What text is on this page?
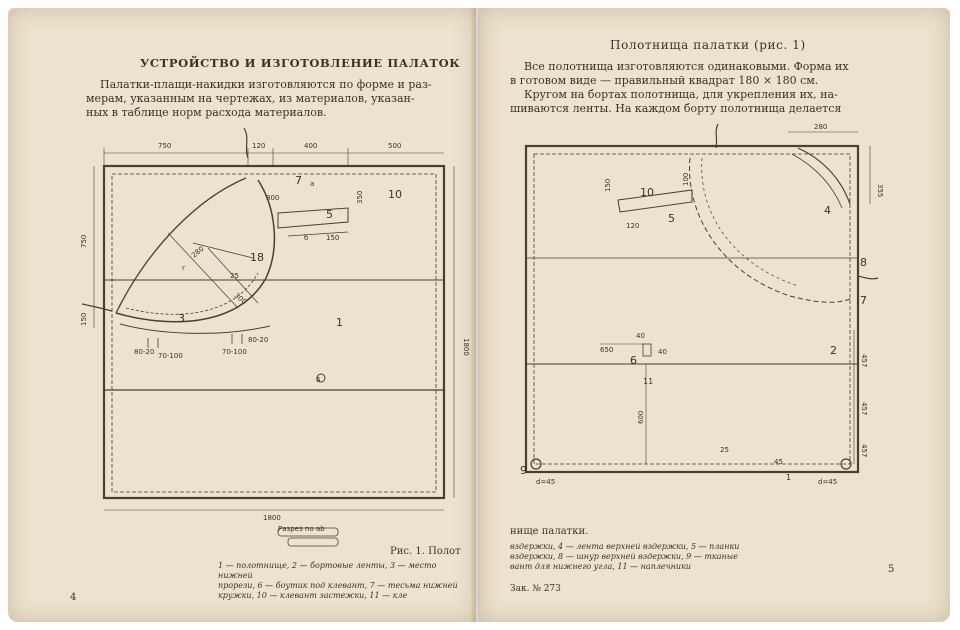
УСТРОЙСТВО И ИЗГОТОВЛЕНИЕ ПАЛАТОК
Палатки-плащи-накидки изготовляются по форме и раз-
мерам, указанным на чертежах, из материалов, указан-
ных в таблице норм расхода материалов.
750	120	400	500
750
150
1800
1800
800
a
150
350
б
280
г
25
300
80-20 70-100	70-100
80-20
Разрез по ab
7
10
5
18
3	1
6
Рис. 1. Полот
1 — полотнище, 2 — бортовые ленты, 3 — место нижней
прорези, 6 — боутик под клевант, 7 — тесьма нижней
кружки, 10 — клевант застежки, 11 — кле
4
Полотнища палатки (рис. 1)
Все полотнища изготовляются одинаковыми. Форма их
в готовом виде — правильный квадрат 180 × 180 см.
Кругом на бортах полотнища, для укрепления их, на-
шиваются ленты. На каждом борту полотнища делается
280
355
150	100
120
40
650	40
600
25
457
457
457
45
d=45	d=45
10
5
4
8
7
2
6
11
9
1
нище палатки.
вздержки, 4 — лента верхней вздержки, 5 — планки
вздержки, 8 — шнур верхней вздержки, 9 — тканые
вант для нижнего угла, 11 — наплечники
Зак. № 273
5
